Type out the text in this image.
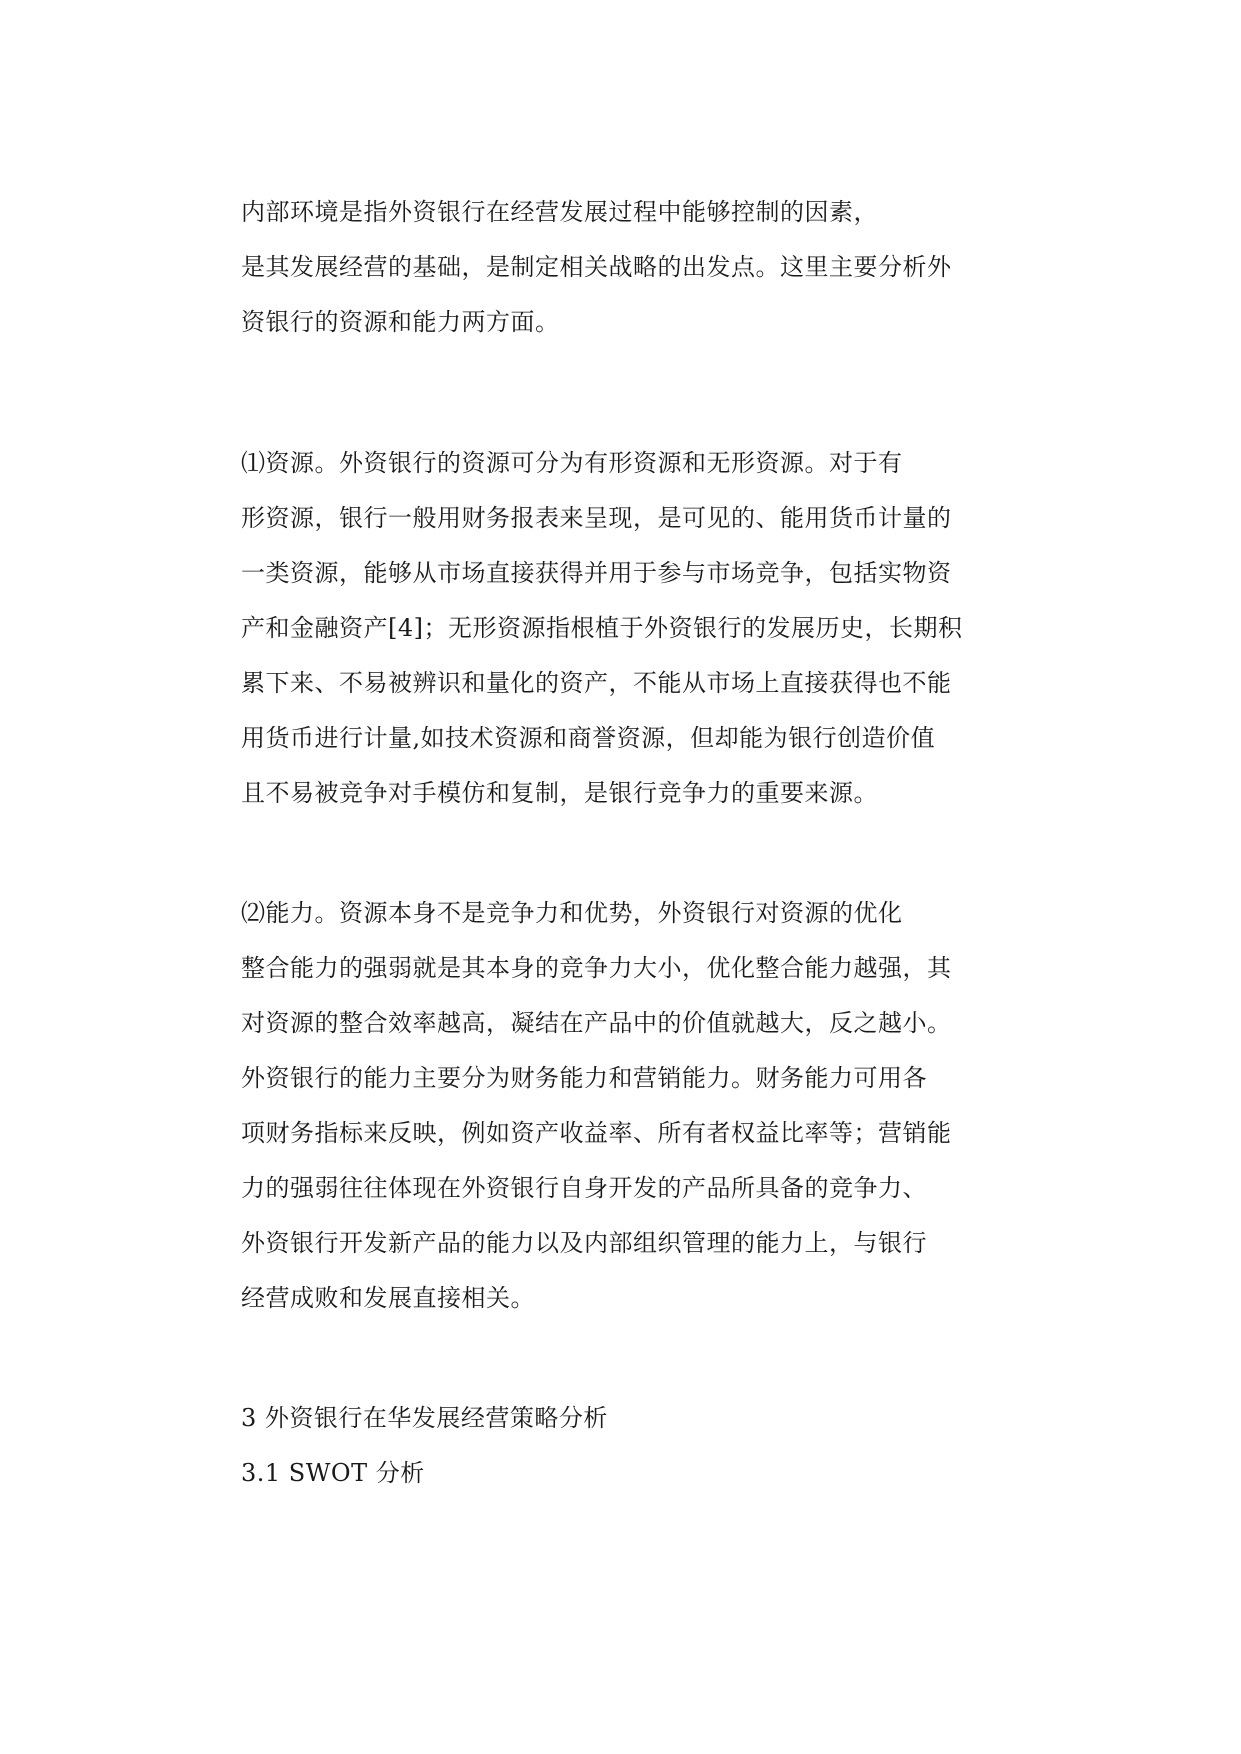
内部环境是指外资银行在经营发展过程中能够控制的因素，
是其发展经营的基础，是制定相关战略的出发点。这里主要分析外
资银行的资源和能力两方面。
⑴资源。外资银行的资源可分为有形资源和无形资源。对于有
形资源，银行一般用财务报表来呈现，是可见的、能用货币计量的
一类资源，能够从市场直接获得并用于参与市场竞争，包括实物资
产和金融资产[4]；无形资源指根植于外资银行的发展历史，长期积
累下来、不易被辨识和量化的资产，不能从市场上直接获得也不能
用货币进行计量,如技术资源和商誉资源，但却能为银行创造价值
且不易被竞争对手模仿和复制，是银行竞争力的重要来源。
⑵能力。资源本身不是竞争力和优势，外资银行对资源的优化
整合能力的强弱就是其本身的竞争力大小，优化整合能力越强，其
对资源的整合效率越高，凝结在产品中的价值就越大，反之越小。
外资银行的能力主要分为财务能力和营销能力。财务能力可用各
项财务指标来反映，例如资产收益率、所有者权益比率等；营销能
力的强弱往往体现在外资银行自身开发的产品所具备的竞争力、
外资银行开发新产品的能力以及内部组织管理的能力上，与银行
经营成败和发展直接相关。
3 外资银行在华发展经营策略分析
3.1 SWOT 分析
